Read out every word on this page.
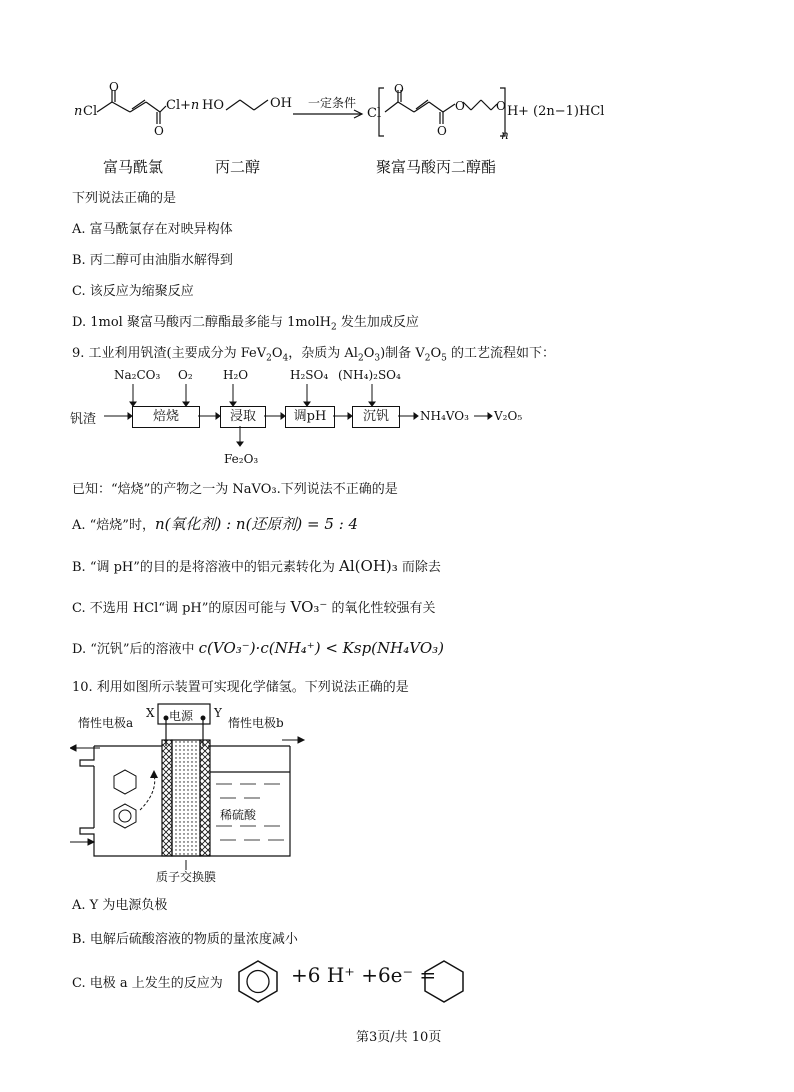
n Cl
O
O
Cl +n HO	OH 一定条件
Cl
O
O
O	O H
n
+ (2n−1)HCl
富马酰氯	丙二醇	聚富马酸丙二醇酯
下列说法正确的是
A. 富马酰氯存在对映异构体
B. 丙二醇可由油脂水解得到
C. 该反应为缩聚反应
D. 1mol 聚富马酸丙二醇酯最多能与 1molH$_2$ 发生加成反应
9. 工业利用钒渣(主要成分为 $FeV_2O_4$，杂质为 $Al_2O_3$)制备 $V_2O_5$ 的工艺流程如下：
钒渣	焙烧	浸取	调pH	沉钒
Na₂CO₃ O₂	H₂O	H₂SO₄ (NH₄)₂SO₄
Fe₂O₃
NH₄VO₃ V₂O₅
已知：“焙烧”的产物之一为 NaVO₃.下列说法不正确的是
A. “焙烧”时，n(氧化剂) : n(还原剂) = 5 : 4
B. “调 pH”的目的是将溶液中的铝元素转化为 Al(OH)₃ 而除去
C. 不选用 HCl“调 pH”的原因可能与 VO₃⁻ 的氧化性较强有关
D. “沉钒”后的溶液中 c(VO₃⁻)·c(NH₄⁺) < Ksp(NH₄VO₃)
10. 利用如图所示装置可实现化学储氢。下列说法正确的是
X	Y
电源
惰性电极a	惰性电极b
稀硫酸
质子交换膜
A. Y 为电源负极
B. 电解后硫酸溶液的物质的量浓度减小
C. 电极 a 上发生的反应为	+6 H⁺ +6e⁻ =
第3页/共 10页
